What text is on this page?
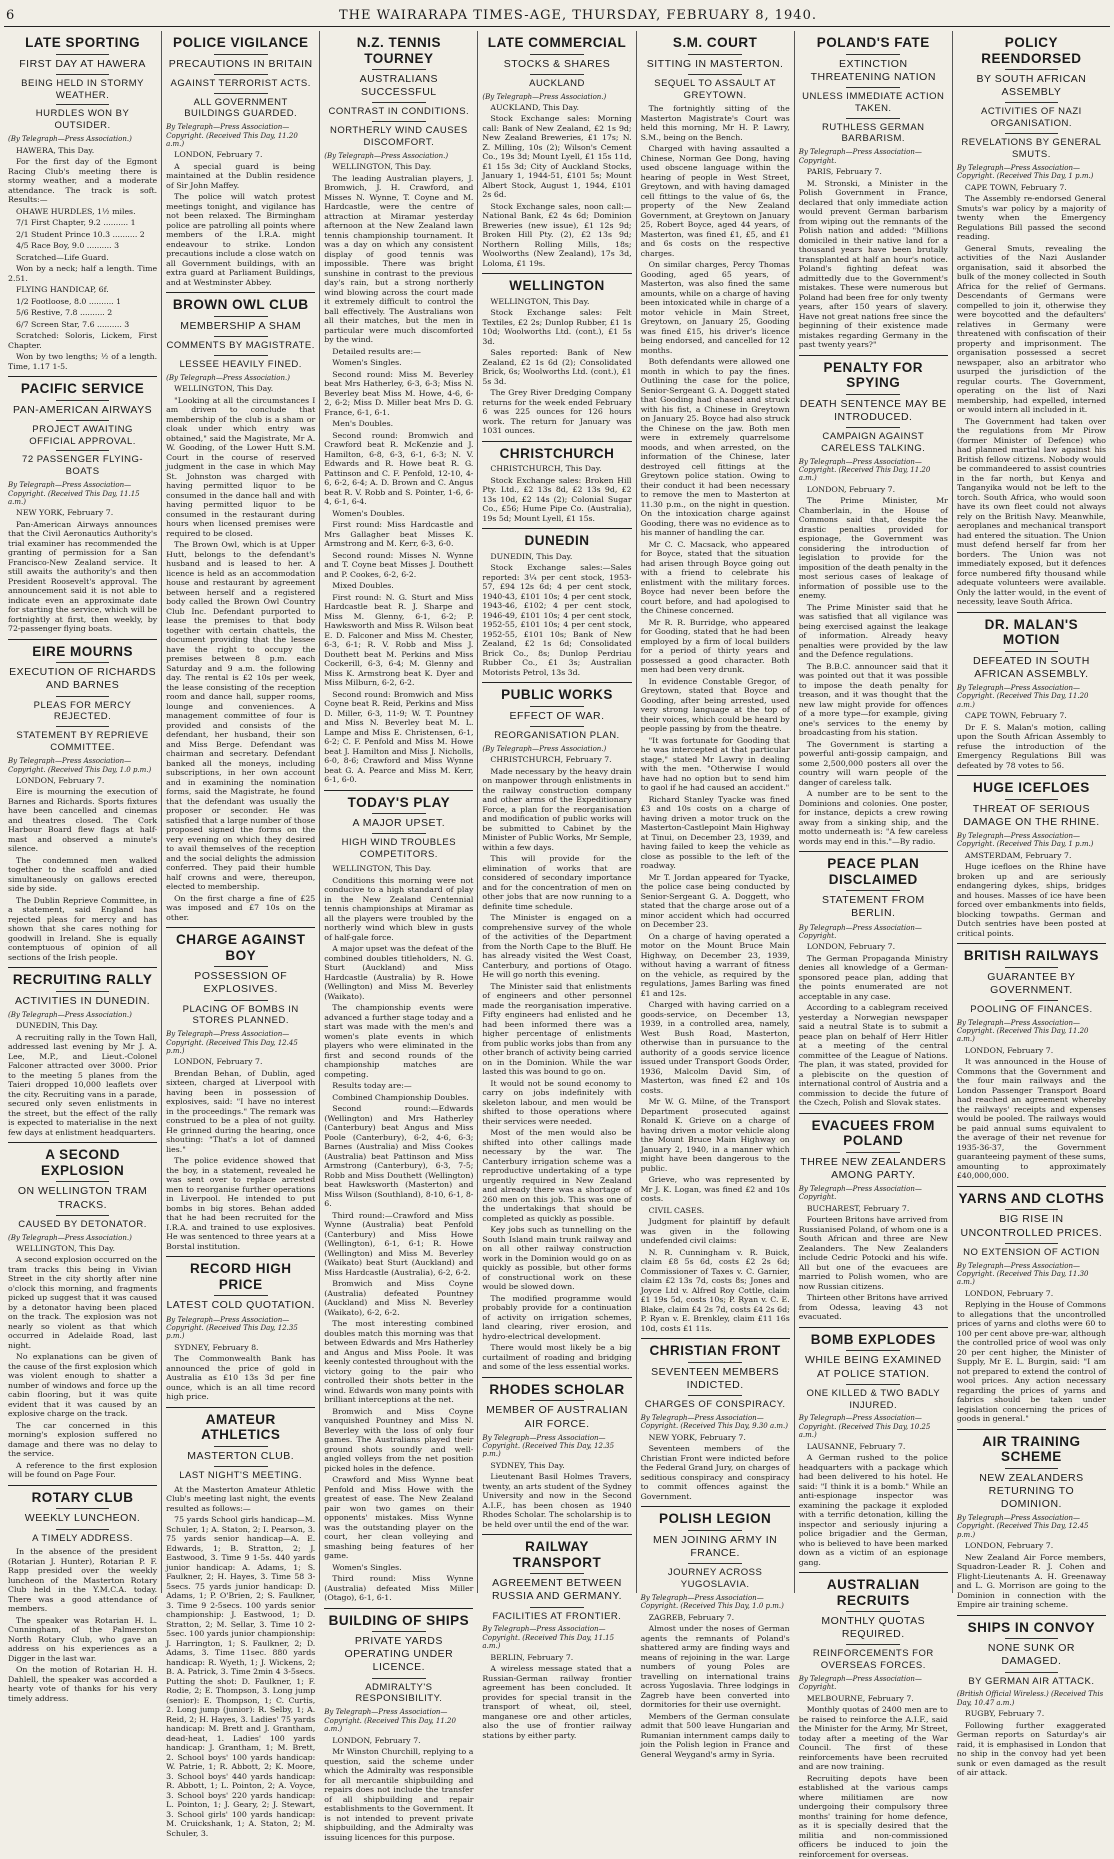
6	THE WAIRARAPA TIMES-AGE, THURSDAY, FEBRUARY 8, 1940.
LATE SPORTING
FIRST DAY AT HAWERA
BEING HELD IN STORMY WEATHER.
HURDLES WON BY OUTSIDER.
(By Telegraph—Press Association.)
HAWERA, This Day.
For the first day of the Egmont Racing Club's meeting there is stormy weather, and a moderate attendance. The track is soft. Results:—
OHAWE HURDLES, 1½ miles.
7/1 First Chapter, 9.2 .......... 1
2/1 Student Prince 10.3 .......... 2
4/5 Race Boy, 9.0 .......... 3
Scratched—Life Guard.
Won by a neck; half a length. Time 2.51.
FLYING HANDICAP, 6f.
1/2 Footloose, 8.0 .......... 1
5/6 Restive, 7.8 .......... 2
6/7 Screen Star, 7.6 .......... 3
Scratched: Soloris, Lickem, First Chapter.
Won by two lengths; ½ of a length. Time, 1.17 1-5.
PACIFIC SERVICE
PAN-AMERICAN AIRWAYS
PROJECT AWAITING OFFICIAL APPROVAL.
72 PASSENGER FLYING-BOATS
By Telegraph—Press Association—Copyright. (Received This Day, 11.15 a.m.)
NEW YORK, February 7.
Pan-American Airways announces that the Civil Aeronautics Authority's trial examiner has recommended the granting of permission for a San Francisco-New Zealand service. It still awaits the authority's and then President Roosevelt's approval. The announcement said it is not able to indicate even an approximate date for starting the service, which will be fortnightly at first, then weekly, by 72-passenger flying boats.
EIRE MOURNS
EXECUTION OF RICHARDS AND BARNES
PLEAS FOR MERCY REJECTED.
STATEMENT BY REPRIEVE COMMITTEE.
By Telegraph—Press Association—Copyright. (Received This Day, 1.0 p.m.)
LONDON, February 7.
Eire is mourning the execution of Barnes and Richards. Sports fixtures have been cancelled and cinemas and theatres closed. The Cork Harbour Board flew flags at half-mast and observed a minute's silence.
The condemned men walked together to the scaffold and died simultaneously on gallows erected side by side.
The Dublin Reprieve Committee, in a statement, said England has rejected pleas for mercy and has shown that she cares nothing for goodwill in Ireland. She is equally contemptuous of opinion of all sections of the Irish people.
RECRUITING RALLY
ACTIVITIES IN DUNEDIN.
(By Telegraph—Press Association.)
DUNEDIN, This Day.
A recruiting rally in the Town Hall, addressed last evening by Mr J. A. Lee, M.P., and Lieut.-Colonel Falconer attracted over 3000. Prior to the meeting 5 planes from the Taieri dropped 10,000 leaflets over the city. Recruiting vans in a parade, secured only seven enlistments in the street, but the effect of the rally is expected to materialise in the next few days at enlistment headquarters.
A SECOND EXPLOSION
ON WELLINGTON TRAM TRACKS.
CAUSED BY DETONATOR.
(By Telegraph—Press Association.)
WELLINGTON, This Day.
A second explosion occurred on the tram tracks this being in Vivian Street in the city shortly after nine o'clock this morning, and fragments picked up suggest that it was caused by a detonator having been placed on the track. The explosion was not nearly so violent as that which occurred in Adelaide Road, last night.
No explanations can be given of the cause of the first explosion which was violent enough to shatter a number of windows and force up the cabin flooring, but it was quite evident that it was caused by an explosive charge on the track.
The car concerned in this morning's explosion suffered no damage and there was no delay to the service.
A reference to the first explosion will be found on Page Four.
ROTARY CLUB
WEEKLY LUNCHEON.
A TIMELY ADDRESS.
In the absence of the president (Rotarian J. Hunter), Rotarian P. F. Rapp presided over the weekly luncheon of the Masterton Rotary Club held in the Y.M.C.A. today. There was a good attendance of members.
The speaker was Rotarian H. L. Cunningham, of the Palmerston North Rotary Club, who gave an address on his experiences as a Digger in the last war.
On the motion of Rotarian H. H. Dahlell, the speaker was accorded a hearty vote of thanks for his very timely address.
POLICE VIGILANCE
PRECAUTIONS IN BRITAIN
AGAINST TERRORIST ACTS.
ALL GOVERNMENT BUILDINGS GUARDED.
By Telegraph—Press Association—Copyright. (Received This Day, 11.20 a.m.)
LONDON, February 7.
A special guard is being maintained at the Dublin residence of Sir John Maffey.
The police will watch protest meetings tonight, and vigilance has not been relaxed. The Birmingham police are patrolling all points where members of the I.R.A. might endeavour to strike. London precautions include a close watch on all Government buildings, with an extra guard at Parliament Buildings, and at Westminster Abbey.
BROWN OWL CLUB
MEMBERSHIP A SHAM
COMMENTS BY MAGISTRATE.
LESSEE HEAVILY FINED.
(By Telegraph—Press Association.)
WELLINGTON, This Day.
"Looking at all the circumstances I am driven to conclude that membership of the club is a sham or cloak under which entry was obtained," said the Magistrate, Mr A. W. Gooding, of the Lower Hutt S.M. Court in the course of reserved judgment in the case in which May St. Johnston was charged with having permitted liquor to be consumed in the dance hall and with having permitted liquor to be consumed in the restaurant during hours when licensed premises were required to be closed.
The Brown Owl, which is at Upper Hutt, belongs to the defendant's husband and is leased to her. A licence is held as an accommodation house and restaurant by agreement between herself and a registered body called the Brown Owl Country Club Inc. Defendant purported to lease the premises to that body together with certain chattels, the document providing that the lessee have the right to occupy the premises between 8 p.m. each Saturday and 9 a.m. the following day. The rental is £2 10s per week, the lease consisting of the reception room and dance hall, supper rooms, lounge and conveniences. A management committee of four is provided and consists of the defendant, her husband, their son and Miss Berge. Defendant was chairman and secretary. Defendant banked all the moneys, including subscriptions, in her own account and in examining the nomination forms, said the Magistrate, he found that the defendant was usually the proposer or seconder. He was satisfied that a large number of those proposed signed the forms on the very evening on which they desired to avail themselves of the reception and the social delights the admission conferred. They paid their humble half crowns and were, thereupon, elected to membership.
On the first charge a fine of £25 was imposed and £7 10s on the other.
CHARGE AGAINST BOY
POSSESSION OF EXPLOSIVES.
PLACING OF BOMBS IN STORES PLANNED.
By Telegraph—Press Association—Copyright. (Received This Day, 12.45 p.m.)
LONDON, February 7.
Brendan Behan, of Dublin, aged sixteen, charged at Liverpool with having been in possession of explosives, said: "I have no interest in the proceedings." The remark was construed to be a plea of not guilty. He grinned during the hearing, once shouting: "That's a lot of damned lies."
The police evidence showed that the boy, in a statement, revealed he was sent over to replace arrested men to reorganise further operations in Liverpool. He intended to put bombs in big stores. Behan added that he had been recruited for the I.R.A. and trained to use explosives. He was sentenced to three years at a Borstal institution.
RECORD HIGH PRICE
LATEST COLD QUOTATION.
By Telegraph—Press Association—Copyright. (Received This Day, 12.35 p.m.)
SYDNEY, February 8.
The Commonwealth Bank has announced the price of gold in Australia as £10 13s 3d per fine ounce, which is an all time record high price.
AMATEUR ATHLETICS
MASTERTON CLUB.
LAST NIGHT'S MEETING.
At the Masterton Amateur Athletic Club's meeting last night, the events resulted as follows:—
75 yards School girls handicap—M. Schuler, 1; A. Staton, 2; I. Pearson, 3. 75 yards senior handicap—A. E. Edwards, 1; B. Stratton, 2; J. Eastwood, 3. Time 9 1-5s. 440 yards junior handicap: A. Adams, 1; S. Faulkner, 2; H. Hayes, 3. Time 58 3-5secs. 75 yards junior handicap: D. Adams, 1; P. O'Brien, 2; S. Faulkner, 3. Time 9 2-5secs. 100 yards senior championship: J. Eastwood, 1; D. Stratton, 2; M. Sellar, 3. Time 10 2-5sec. 100 yards junior championship: J. Harrington, 1; S. Faulkner, 2; D. Adams, 3. Time 11sec. 880 yards handicap: R. Wyeth, 1; J. Wickens, 2; B. A. Patrick, 3. Time 2min 4 3-5secs. Putting the shot: D. Faulkner, 1; F. Rodie, 2; E. Thompson, 3. Long jump (senior): E. Thompson, 1; C. Curtis, 2. Long jump (junior): R. Selby, 1; A. Reid, 2; H. Hayes, 3. Ladies' 75 yards handicap: M. Brett and J. Grantham, dead-heat, 1. Ladies' 100 yards handicap: J. Grantham, 1; M. Brett, 2. School boys' 100 yards handicap: W. Patrie, 1; R. Abbott, 2; K. Moore, 3. School boys' 440 yards handicap: R. Abbott, 1; L. Pointon, 2; A. Voyce, 3. School boys' 220 yards handicap: L. Pointon, 1; J. Geary, 2; J. Stewart, 3. School girls' 100 yards handicap: M. Cruickshank, 1; A. Staton, 2; M. Schuler, 3.
N.Z. TENNIS TOURNEY
AUSTRALIANS SUCCESSFUL
CONTRAST IN CONDITIONS.
NORTHERLY WIND CAUSES DISCOMFORT.
(By Telegraph—Press Association.)
WELLINGTON, This Day.
The leading Australian players, J. Bromwich, J. H. Crawford, and Misses N. Wynne, T. Coyne and M. Hardcastle, were the centre of attraction at Miramar yesterday afternoon at the New Zealand lawn tennis championship tournament. It was a day on which any consistent display of good tennis was impossible. There was bright sunshine in contrast to the previous day's rain, but a strong northerly wind blowing across the court made it extremely difficult to control the ball effectively. The Australians won all their matches, but the men in particular were much discomforted by the wind.
Detailed results are:—
Women's Singles.
Second round: Miss M. Beverley beat Mrs Hatherley, 6-3, 6-3; Miss N. Beverley beat Miss M. Howe, 4-6, 6-2, 6-2; Miss D. Miller beat Mrs D. G. France, 6-1, 6-1.
Men's Doubles.
Second round: Bromwich and Crawford beat R. McKenzie and J. Hamilton, 6-8, 6-3, 6-1, 6-3; N. V. Edwards and R. Howe beat R. G. Pattinson and C. F. Penfold, 12-10, 4-6, 6-2, 6-4; A. D. Brown and C. Angus beat R. V. Robb and S. Pointer, 1-6, 6-4, 6-1, 6-4.
Women's Doubles.
First round: Miss Hardcastle and Mrs Gallagher beat Misses K. Armstrong and M. Kerr, 6-3, 6-0.
Second round: Misses N. Wynne and T. Coyne beat Misses J. Douthett and P. Cookes, 6-2, 6-2.
Mixed Doubles.
First round: N. G. Sturt and Miss Hardcastle beat R. J. Sharpe and Miss M. Glenny, 6-1, 6-2; P. Hawksworth and Miss R. Wilson beat E. D. Falconer and Miss M. Chester, 6-3, 6-1; R. V. Robb and Miss J. Douthett beat M. Perkins and Miss Cockerill, 6-3, 6-4; M. Glenny and Miss K. Armstrong beat K. Dyer and Miss Milburn, 6-2, 6-2.
Second round: Bromwich and Miss Coyne beat R. Reid, Perkins and Miss D. Miller, 6-3, 11-9; W. T. Pountney and Miss N. Beverley beat M. L. Lampe and Miss E. Christensen, 6-1, 6-2; C. F. Penfold and Miss M. Howe beat J. Hamilton and Miss J. Nicholls, 6-0, 8-6; Crawford and Miss Wynne beat G. A. Pearce and Miss M. Kerr, 6-1, 6-0.
TODAY'S PLAY
A MAJOR UPSET.
HIGH WIND TROUBLES COMPETITORS.
WELLINGTON, This Day.
Conditions this morning were not conducive to a high standard of play in the New Zealand Centennial tennis championships at Miramar as all the players were troubled by the northerly wind which blew in gusts of half-gale force.
A major upset was the defeat of the combined doubles titleholders, N. G. Sturt (Auckland) and Miss Hardcastle (Australia) by R. Howe (Wellington) and Miss M. Beverley (Waikato).
The championship events were advanced a further stage today and a start was made with the men's and women's plate events in which players who were eliminated in the first and second rounds of the championship matches are competing.
Results today are:—
Combined Championship Doubles.
Second round:—Edwards (Wellington) and Mrs Hatherley (Canterbury) beat Angus and Miss Poole (Canterbury), 6-2, 4-6, 6-3; Barnes (Australia) and Miss Cookes (Australia) beat Pattinson and Miss Armstrong (Canterbury), 6-3, 7-5; Robb and Miss Douthett (Wellington) beat Hawksworth (Masterton) and Miss Wilson (Southland), 8-10, 6-1, 8-6.
Third round:—Crawford and Miss Wynne (Australia) beat Penfold (Canterbury) and Miss Howe (Wellington), 6-1, 6-1; R. Howe (Wellington) and Miss M. Beverley (Waikato) beat Sturt (Auckland) and Miss Hardcastle (Australia), 6-2, 6-2.
Bromwich and Miss Coyne (Australia) defeated Pountney (Auckland) and Miss N. Beverley (Waikato), 6-2, 6-2.
The most interesting combined doubles match this morning was that between Edwards and Mrs Hatherley and Angus and Miss Poole. It was keenly contested throughout with the victory going to the pair who controlled their shots better in the wind. Edwards won many points with brilliant interceptions at the net.
Bromwich and Miss Coyne vanquished Pountney and Miss N. Beverley with the loss of only four games. The Australians played their ground shots soundly and well-angled volleys from the net position picked holes in the defence.
Crawford and Miss Wynne beat Penfold and Miss Howe with the greatest of ease. The New Zealand pair won two games on their opponents' mistakes. Miss Wynne was the outstanding player on the court, her clean volleying and smashing being features of her game.
Women's Singles.
Third round: Miss Wynne (Australia) defeated Miss Miller (Otago), 6-1, 6-1.
BUILDING OF SHIPS
PRIVATE YARDS OPERATING UNDER LICENCE.
ADMIRALTY'S RESPONSIBILITY.
By Telegraph—Press Association—Copyright. (Received This Day, 11.20 a.m.)
LONDON, February 7.
Mr Winston Churchill, replying to a question, said the scheme under which the Admiralty was responsible for all mercantile shipbuilding and repairs does not include the transfer of all shipbuilding and repair establishments to the Government. It is not intended to prevent private shipbuilding, and the Admiralty was issuing licences for this purpose.
LATE COMMERCIAL
STOCKS & SHARES
AUCKLAND
(By Telegraph—Press Association.)
AUCKLAND, This Day.
Stock Exchange sales: Morning call: Bank of New Zealand, £2 1s 9d; New Zealand Breweries, £1 17s; N. Z. Milling, 10s (2); Wilson's Cement Co., 19s 3d; Mount Lyell, £1 15s 11d, £1 15s 3d; City of Auckland Stocks, January 1, 1944-51, £101 5s; Mount Albert Stock, August 1, 1944, £101 2s 6d.
Stock Exchange sales, noon call:—National Bank, £2 4s 6d; Dominion Breweries (new issue), £1 12s 9d; Broken Hill Pty. (2), £2 13s 9d; Northern Rolling Mills, 18s; Woolworths (New Zealand), 17s 3d, Loloma, £1 19s.
WELLINGTON
WELLINGTON, This Day.
Stock Exchange sales: Felt Textiles, £2 2s; Dunlop Rubber, £1 1s 10d; Woolworths Ltd. (cont.), £1 5s 3d.
Sales reported: Bank of New Zealand, £2 1s 6d (2); Consolidated Brick, 6s; Woolworths Ltd. (cont.), £1 5s 3d.
The Grey River Dredging Company returns for the week ended February 6 was 225 ounces for 126 hours work. The return for January was 1031 ounces.
CHRISTCHURCH
CHRISTCHURCH, This Day.
Stock Exchange sales: Broken Hill Pty. Ltd., £2 13s 8d, £2 13s 9d, £2 13s 10d, £2 14s (2); Colonial Sugar Co., £56; Hume Pipe Co. (Australia), 19s 5d; Mount Lyell, £1 15s.
DUNEDIN
DUNEDIN, This Day.
Stock Exchange sales:—Sales reported: 3¼ per cent stock, 1953-57, £94 12s 6d; 4 per cent stock, 1940-43, £101 10s; 4 per cent stock, 1943-46, £102; 4 per cent stock, 1946-49, £101 10s; 4 per cent stock, 1952-55, £101 10s; 4 per cent stock, 1952-55, £101 10s; Bank of New Zealand, £2 1s 6d; Consolidated Brick Co., 8s; Dunlop Perdriau Rubber Co., £1 3s; Australian Motorists Petrol, 13s 3d.
PUBLIC WORKS
EFFECT OF WAR.
REORGANISATION PLAN.
(By Telegraph—Press Association.)
CHRISTCHURCH, February 7.
Made necessary by the heavy drain on manpower through enlistments in the railway construction company and other arms of the Expeditionary Force, a plan for the reorganisation and modification of public works will be submitted to Cabinet by the Minister of Public Works, Mr Semple, within a few days.
This will provide for the elimination of works that are considered of secondary importance and for the concentration of men on other jobs that are now running to a definite time schedule.
The Minister is engaged on a comprehensive survey of the whole of the activities of the Department from the North Cape to the Bluff. He has already visited the West Coast, Canterbury, and portions of Otago. He will go north this evening.
The Minister said that enlistments of engineers and other personnel made the reorganisation imperative. Fifty engineers had enlisted and he had been informed there was a higher percentage of enlistments from public works jobs than from any other branch of activity being carried on in the Dominion. While the war lasted this was bound to go on.
It would not be sound economy to carry on jobs indefinitely with skeleton labour, and men would be shifted to those operations where their services were needed.
Most of the men would also be shifted into other callings made necessary by the war. The Canterbury irrigation scheme was a reproductive undertaking of a type urgently required in New Zealand and already there was a shortage of 260 men on this job. This was one of the undertakings that should be completed as quickly as possible.
Key jobs such as tunnelling on the South Island main trunk railway and on all other railway construction work in the Dominion would go on as quickly as possible, but other forms of constructional work on these would be slowed down.
The modified programme would probably provide for a continuation of activity on irrigation schemes, land clearing, river erosion, and hydro-electrical development.
There would most likely be a big curtailment of roading and bridging and some of the less essential works.
RHODES SCHOLAR
MEMBER OF AUSTRALIAN AIR FORCE.
By Telegraph—Press Association—Copyright. (Received This Day, 12.35 p.m.)
SYDNEY, This Day.
Lieutenant Basil Holmes Travers, twenty, an arts student of the Sydney University and now in the Second A.I.F., has been chosen as 1940 Rhodes Scholar. The scholarship is to be held over until the end of the war.
RAILWAY TRANSPORT
AGREEMENT BETWEEN RUSSIA AND GERMANY.
FACILITIES AT FRONTIER.
By Telegraph—Press Association—Copyright. (Received This Day, 11.15 a.m.)
BERLIN, February 7.
A wireless message stated that a Russian-German railway frontier agreement has been concluded. It provides for special transit in the transport of wheat, oil, steel, manganese ore and other articles, also the use of frontier railway stations by either party.
S.M. COURT
SITTING IN MASTERTON.
SEQUEL TO ASSAULT AT GREYTOWN.
The fortnightly sitting of the Masterton Magistrate's Court was held this morning, Mr H. P. Lawry, S.M., being on the Bench.
Charged with having assaulted a Chinese, Norman Gee Dong, having used obscene language within the hearing of people in West Street, Greytown, and with having damaged cell fittings to the value of 6s, the property of the New Zealand Government, at Greytown on January 25, Robert Boyce, aged 44 years, of Masterton, was fined £1, £5, and £1 and 6s costs on the respective charges.
On similar charges, Percy Thomas Gooding, aged 65 years, of Masterton, was also fined the same amounts, while on a charge of having been intoxicated while in charge of a motor vehicle in Main Street, Greytown, on January 25, Gooding was fined £15, his driver's licence being endorsed, and cancelled for 12 months.
Both defendants were allowed one month in which to pay the fines. Outlining the case for the police, Senior-Sergeant G. A. Doggett stated that Gooding had chased and struck with his fist, a Chinese in Greytown on January 25. Boyce had also struck the Chinese on the jaw. Both men were in extremely quarrelsome moods, and when arrested, on the information of the Chinese, later destroyed cell fittings at the Greytown police station. Owing to their conduct it had been necessary to remove the men to Masterton at 11.30 p.m., on the night in question. On the intoxication charge against Gooding, there was no evidence as to his manner of handling the car.
Mr C. C. Macsack, who appeared for Boyce, stated that the situation had arisen through Boyce going out with a friend to celebrate his enlistment with the military forces. Boyce had never been before the court before, and had apologised to the Chinese concerned.
Mr R. R. Burridge, who appeared for Gooding, stated that he had been employed by a firm of local builders for a period of thirty years and possessed a good character. Both men had been very drunk.
In evidence Constable Gregor, of Greytown, stated that Boyce and Gooding, after being arrested, used very strong language at the top of their voices, which could be heard by people passing by from the theatre.
"It was fortunate for Gooding that he was intercepted at that particular stage," stated Mr Lawry in dealing with the men. "Otherwise I would have had no option but to send him to gaol if he had caused an accident."
Richard Stanley Tyacke was fined £3 and 10s costs on a charge of having driven a motor truck on the Masterton-Castlepoint Main Highway at Tinui, on December 23, 1939, and having failed to keep the vehicle as close as possible to the left of the roadway.
Mr T. Jordan appeared for Tyacke, the police case being conducted by Senior-Sergeant G. A. Doggett, who stated that the charge arose out of a minor accident which had occurred on December 23.
On a charge of having operated a motor on the Mount Bruce Main Highway, on December 23, 1939, without having a warrant of fitness on the vehicle, as required by the regulations, James Barling was fined £1 and 12s.
Charged with having carried on a goods-service, on December 13, 1939, in a controlled area, namely, West Bush Road, Masterton, otherwise than in pursuance to the authority of a goods service licence issued under Transport Goods Order, 1936, Malcolm David Sim, of Masterton, was fined £2 and 10s costs.
Mr W. G. Milne, of the Transport Department prosecuted against Ronald K. Grieve on a charge of having driven a motor vehicle along the Mount Bruce Main Highway on January 2, 1940, in a manner which might have been dangerous to the public.
Grieve, who was represented by Mr J. K. Logan, was fined £2 and 10s costs.
CIVIL CASES.
Judgment for plaintiff by default was given in the following undefended civil claims:
N. R. Cunningham v. R. Buick, claim £8 5s 6d, costs £2 2s 6d; Commissioner of Taxes v. C. Garnier, claim £2 13s 7d, costs 8s; Jones and Joyce Ltd v. Alfred Roy Cottle, claim £1 19s 5d, costs 10s; P. Ryan v. C. E. Blake, claim £4 2s 7d, costs £4 2s 6d; P. Ryan v. E. Brenkley, claim £11 16s 10d, costs £1 11s.
CHRISTIAN FRONT
SEVENTEEN MEMBERS INDICTED.
CHARGES OF CONSPIRACY.
By Telegraph—Press Association—Copyright. (Received This Day, 9.30 a.m.)
NEW YORK, February 7.
Seventeen members of the Christian Front were indicted before the Federal Grand Jury, on charges of seditious conspiracy and conspiracy to commit offences against the Government.
POLISH LEGION
MEN JOINING ARMY IN FRANCE.
JOURNEY ACROSS YUGOSLAVIA.
By Telegraph—Press Association—Copyright. (Received This Day, 1.0 p.m.)
ZAGREB, February 7.
Almost under the noses of German agents the remnants of Poland's shattered army are finding ways and means of rejoining in the war. Large numbers of young Poles are travelling on international trains across Yugoslavia. Three lodgings in Zagreb have been converted into dormitories for their use overnight.
Members of the German consulate admit that 500 leave Hungarian and Rumanian internment camps daily to join the Polish legion in France and General Weygand's army in Syria.
POLAND'S FATE
EXTINCTION THREATENING NATION
UNLESS IMMEDIATE ACTION TAKEN.
RUTHLESS GERMAN BARBARISM.
By Telegraph—Press Association—Copyright.
PARIS, February 7.
M. Stronski, a Minister in the Polish Government in France, declared that only immediate action would prevent German barbarism from wiping out the remnants of the Polish nation and added: "Millions domiciled in their native land for a thousand years have been brutally transplanted at half an hour's notice. Poland's fighting defeat was admittedly due to the Government's mistakes. These were numerous but Poland had been free for only twenty years, after 150 years of slavery. Have not great nations free since the beginning of their existence made mistakes regarding Germany in the past twenty years?"
PENALTY FOR SPYING
DEATH SENTENCE MAY BE INTRODUCED.
CAMPAIGN AGAINST CARELESS TALKING.
By Telegraph—Press Association—Copyright. (Received This Day, 11.20 a.m.)
LONDON, February 7.
The Prime Minister, Mr Chamberlain, in the House of Commons said that, despite the drastic penalties provided for espionage, the Government was considering the introduction of legislation to provide for the imposition of the death penalty in the most serious cases of leakage of information of possible use to the enemy.
The Prime Minister said that he was satisfied that all vigilance was being exercised against the leakage of information. Already heavy penalties were provided by the law and the Defence regulations.
The B.B.C. announcer said that it was pointed out that it was possible to impose the death penalty for treason, and it was thought that the new law might provide for offences of a more type—for example, giving one's services to the enemy by broadcasting from his station.
The Government is starting a powerful anti-gossip campaign, and some 2,500,000 posters all over the country will warn people of the danger of careless talk.
A number are to be sent to the Dominions and colonies. One poster, for instance, depicts a crew rowing away from a sinking ship, and the motto underneath is: "A few careless words may end in this."—By radio.
PEACE PLAN DISCLAIMED
STATEMENT FROM BERLIN.
By Telegraph—Press Association—Copyright.
LONDON, February 7.
The German Propaganda Ministry denies all knowledge of a German-sponsored peace plan, adding that the points enumerated are not acceptable in any case.
According to a cablegram received yesterday a Norwegian newspaper said a neutral State is to submit a peace plan on behalf of Herr Hitler at a meeting of the central committee of the League of Nations. The plan, it was stated, provided for a plebiscite on the question of international control of Austria and a commission to decide the future of the Czech, Polish and Slovak states.
EVACUEES FROM POLAND
THREE NEW ZEALANDERS AMONG PARTY.
By Telegraph—Press Association—Copyright.
BUCHAREST, February 7.
Fourteen Britons have arrived from Russianised Poland, of whom one is a South African and three are New Zealanders. The New Zealanders include Cedric Potocki and his wife. All but one of the evacuees are married to Polish women, who are now Russian citizens.
Thirteen other Britons have arrived from Odessa, leaving 43 not evacuated.
BOMB EXPLODES
WHILE BEING EXAMINED AT POLICE STATION.
ONE KILLED & TWO BADLY INJURED.
By Telegraph—Press Association—Copyright. (Received This Day, 10.25 a.m.)
LAUSANNE, February 7.
A German rushed to the police headquarters with a package which had been delivered to his hotel. He said: "I think it is a bomb." While an anti-espionage inspector was examining the package it exploded with a terrific detonation, killing the inspector and seriously injuring a police brigadier and the German, who is believed to have been marked down as a victim of an espionage gang.
AUSTRALIAN RECRUITS
MONTHLY QUOTAS REQUIRED.
REINFORCEMENTS FOR OVERSEAS FORCES.
By Telegraph—Press Association—Copyright.
MELBOURNE, February 7.
Monthly quotas of 2400 men are to be raised to reinforce the A.I.F., said the Minister for the Army, Mr Street, today after a meeting of the War Council. The first of these reinforcements have been recruited and are now training.
Recruiting depots have been established at the various camps where militiamen are now undergoing their compulsory three months' training for home defence, as it is specially desired that the militia and non-commissioned officers be induced to join the reinforcement for overseas.
POLICY REENDORSED
BY SOUTH AFRICAN ASSEMBLY
ACTIVITIES OF NAZI ORGANISATION.
REVELATIONS BY GENERAL SMUTS.
By Telegraph—Press Association—Copyright. (Received This Day, 1 p.m.)
CAPE TOWN, February 7.
The Assembly re-endorsed General Smuts's war policy by a majority of twenty when the Emergency Regulations Bill passed the second reading.
General Smuts, revealing the activities of the Nazi Auslander organisation, said it absorbed the bulk of the money collected in South Africa for the relief of Germans. Descendants of Germans were compelled to join it, otherwise they were boycotted and the defaulters' relatives in Germany were threatened with confiscation of their property and imprisonment. The organisation possessed a secret newspaper, also an arbitrator who usurped the jurisdiction of the regular courts. The Government, operating on the list of Nazi membership, had expelled, interned or would intern all included in it.
The Government had taken over the regulations from Mr Pirow (former Minister of Defence) who had planned martial law against his British fellow citizens. Nobody would be commandeered to assist countries in the far north, but Kenya and Tanganyika would not be left to the torch. South Africa, who would soon have its own fleet could not always rely on the British Navy. Meanwhile, aeroplanes and mechanical transport had entered the situation. The Union must defend herself far from her borders. The Union was not immediately exposed, but it defences force numbered fifty thousand while adequate volunteers were available. Only the latter would, in the event of necessity, leave South Africa.
DR. MALAN'S MOTION
DEFEATED IN SOUTH AFRICAN ASSEMBLY.
By Telegraph—Press Association—Copyright. (Received This Day, 11.20 a.m.)
CAPE TOWN, February 7.
Dr F. S. Malan's motion, calling upon the South African Assembly to refuse the introduction of the Emergency Regulations Bill was defeated by 78 votes to 56.
HUGE ICEFLOES
THREAT OF SERIOUS DAMAGE ON THE RHINE.
By Telegraph—Press Association—Copyright. (Received This Day, 1 p.m.)
AMSTERDAM, February 7.
Huge icefloes on the Rhine have broken up and are seriously endangering dykes, ships, bridges and houses. Masses of ice have been forced over embankments into fields, blocking towpaths. German and Dutch sentries have been posted at critical points.
BRITISH RAILWAYS
GUARANTEE BY GOVERNMENT.
POOLING OF FINANCES.
By Telegraph—Press Association—Copyright. (Received This Day, 11.20 a.m.)
LONDON, February 7.
It was announced in the House of Commons that the Government and the four main railways and the London Passenger Transport Board had reached an agreement whereby the railways' receipts and expenses would be pooled. The railways would be paid annual sums equivalent to the average of their net revenue for 1935-36-37, the Government guaranteeing payment of these sums, amounting to approximately £40,000,000.
YARNS AND CLOTHS
BIG RISE IN UNCONTROLLED PRICES.
NO EXTENSION OF ACTION
By Telegraph—Press Association—Copyright. (Received This Day, 11.30 a.m.)
LONDON, February 7.
Replying in the House of Commons to allegations that the uncontrolled prices of yarns and cloths were 60 to 100 per cent above pre-war, although the controlled price of wool was only 20 per cent higher, the Minister of Supply, Mr E. L. Burgin, said: "I am not prepared to extend the control of wool prices. Any action necessary regarding the prices of yarns and fabrics should be taken under legislation concerning the prices of goods in general."
AIR TRAINING SCHEME
NEW ZEALANDERS RETURNING TO DOMINION.
By Telegraph—Press Association—Copyright. (Received This Day, 12.45 p.m.)
LONDON, February 7.
New Zealand Air Force members, Squadron-Leader R. J. Cohen and Flight-Lieutenants A. H. Greenaway and L. G. Morrison are going to the Dominion in connection with the Empire air training scheme.
SHIPS IN CONVOY
NONE SUNK OR DAMAGED.
BY GERMAN AIR ATTACK.
(British Official Wireless.) (Received This Day, 10.47 a.m.)
RUGBY, February 7.
Following further exaggerated German reports on Saturday's air raid, it is emphasised in London that no ship in the convoy had yet been sunk or even damaged as the result of air attack.
